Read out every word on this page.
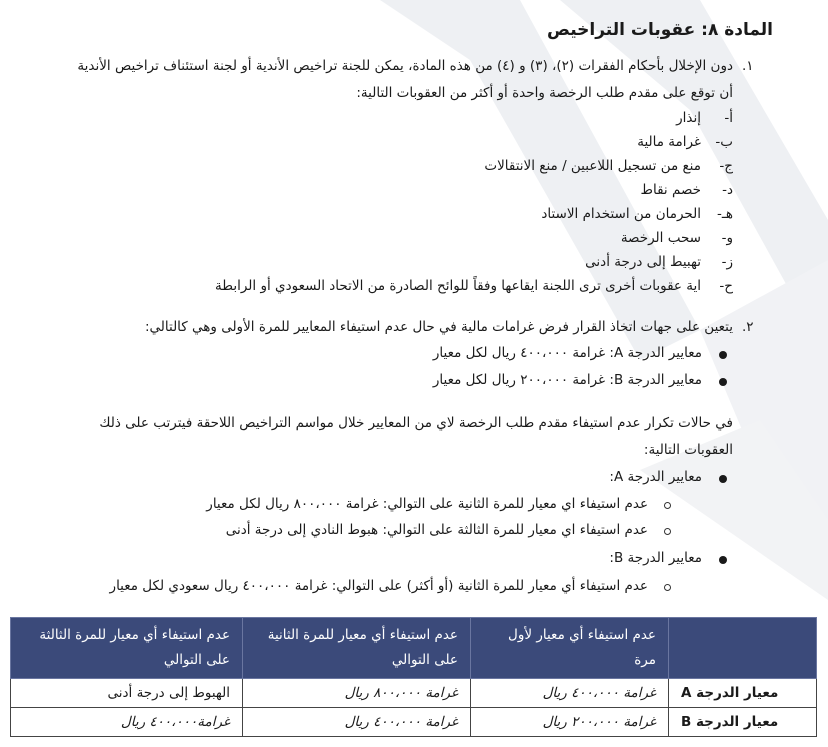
المادة ٨: عقوبات التراخيص
١.
دون الإخلال بأحكام الفقرات (٢)، (٣) و (٤) من هذه المادة، يمكن للجنة تراخيص الأندية أو لجنة استئناف تراخيص الأندية
أن توقع على مقدم طلب الرخصة واحدة أو أكثر من العقوبات التالية:
أ-
إنذار
ب-
غرامة مالية
ج-
منع من تسجيل اللاعبين / منع الانتقالات
د-
خصم نقاط
هـ-
الحرمان من استخدام الاستاد
و-
سحب الرخصة
ز-
تهبيط إلى درجة أدنى
ح-
اية عقوبات أخرى ترى اللجنة ايقاعها وفقاً للوائح الصادرة من الاتحاد السعودي أو الرابطة
٢.
يتعين على جهات اتخاذ القرار فرض غرامات مالية في حال عدم استيفاء المعايير للمرة الأولى وهي كالتالي:
معايير الدرجة A: غرامة ٤٠٠،٠٠٠ ريال لكل معيار
معايير الدرجة B: غرامة ٢٠٠،٠٠٠ ريال لكل معيار
في حالات تكرار عدم استيفاء مقدم طلب الرخصة لاي من المعايير خلال مواسم التراخيص اللاحقة فيترتب على ذلك
العقوبات التالية:
معايير الدرجة A:
عدم استيفاء اي معيار للمرة الثانية على التوالي: غرامة ٨٠٠،٠٠٠ ريال لكل معيار
عدم استيفاء اي معيار للمرة الثالثة على التوالي: هبوط النادي إلى درجة أدنى
معايير الدرجة B:
عدم استيفاء أي معيار للمرة الثانية (أو أكثر) على التوالي: غرامة ٤٠٠،٠٠٠ ريال سعودي لكل معيار
	عدم استيفاء أي معيار لأول مرة	عدم استيفاء أي معيار للمرة الثانية على التوالي	عدم استيفاء أي معيار للمرة الثالثة على التوالي
معيار الدرجة A	غرامة ٤٠٠،٠٠٠ ريال	غرامة ٨٠٠،٠٠٠ ريال	الهبوط إلى درجة أدنى
معيار الدرجة B	غرامة ٢٠٠،٠٠٠ ريال	غرامة ٤٠٠،٠٠٠ ريال	غرامة٤٠٠،٠٠٠ ريال
